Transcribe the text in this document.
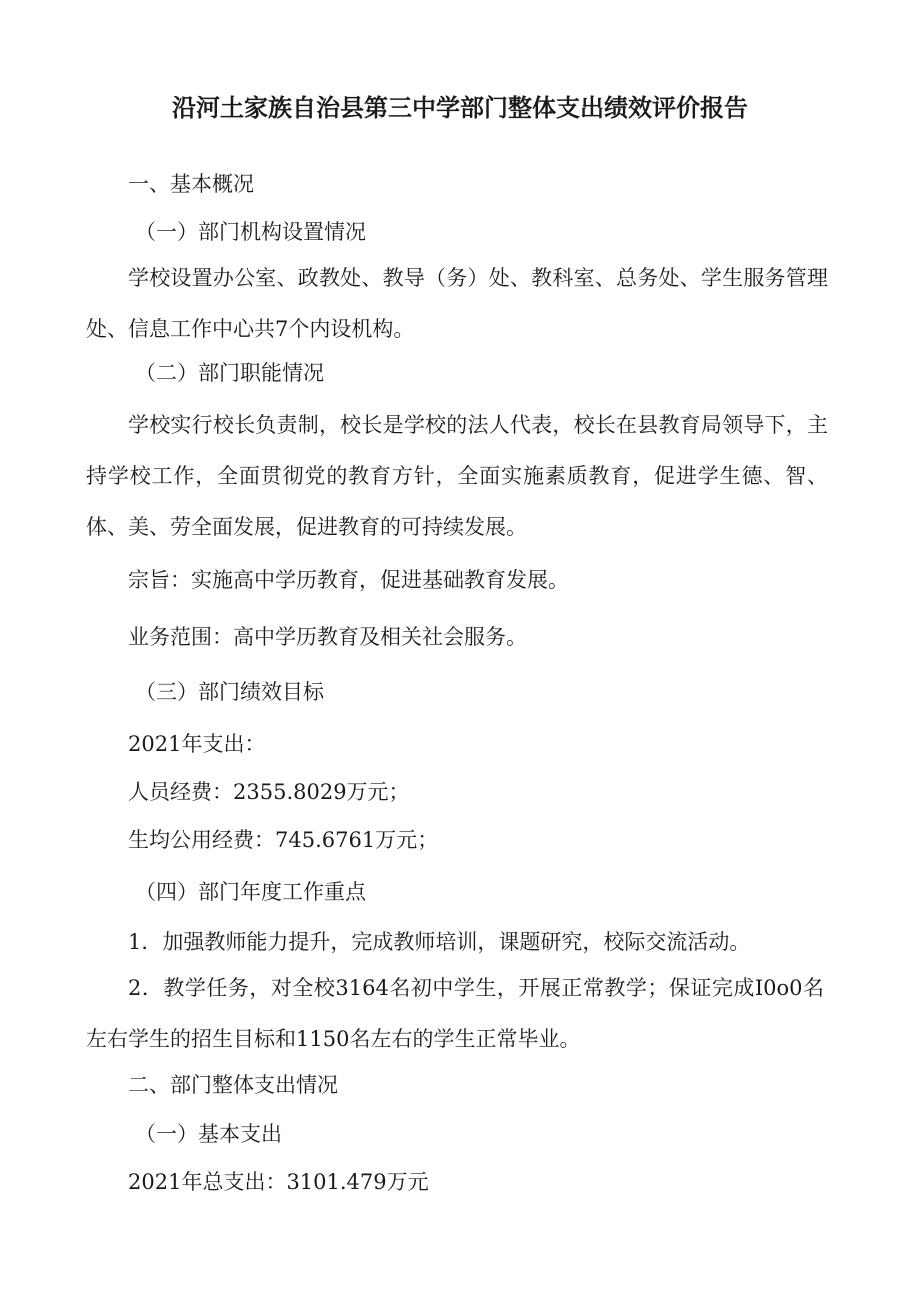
沿河土家族自治县第三中学部门整体支出绩效评价报告
一、基本概况
（一）部门机构设置情况
学校设置办公室、政教处、教导（务）处、教科室、总务处、学生服务管理处、信息工作中心共7个内设机构。
（二）部门职能情况
学校实行校长负责制，校长是学校的法人代表，校长在县教育局领导下，主持学校工作，全面贯彻党的教育方针，全面实施素质教育，促进学生德、智、体、美、劳全面发展，促进教育的可持续发展。
宗旨：实施高中学历教育，促进基础教育发展。
业务范围：高中学历教育及相关社会服务。
（三）部门绩效目标
2021年支出：
人员经费：2355.8029万元；
生均公用经费：745.6761万元；
（四）部门年度工作重点
1．加强教师能力提升，完成教师培训，课题研究，校际交流活动。
2．教学任务，对全校3164名初中学生，开展正常教学；保证完成I0o0名左右学生的招生目标和1150名左右的学生正常毕业。
二、部门整体支出情况
（一）基本支出
2021年总支出：3101.479万元
